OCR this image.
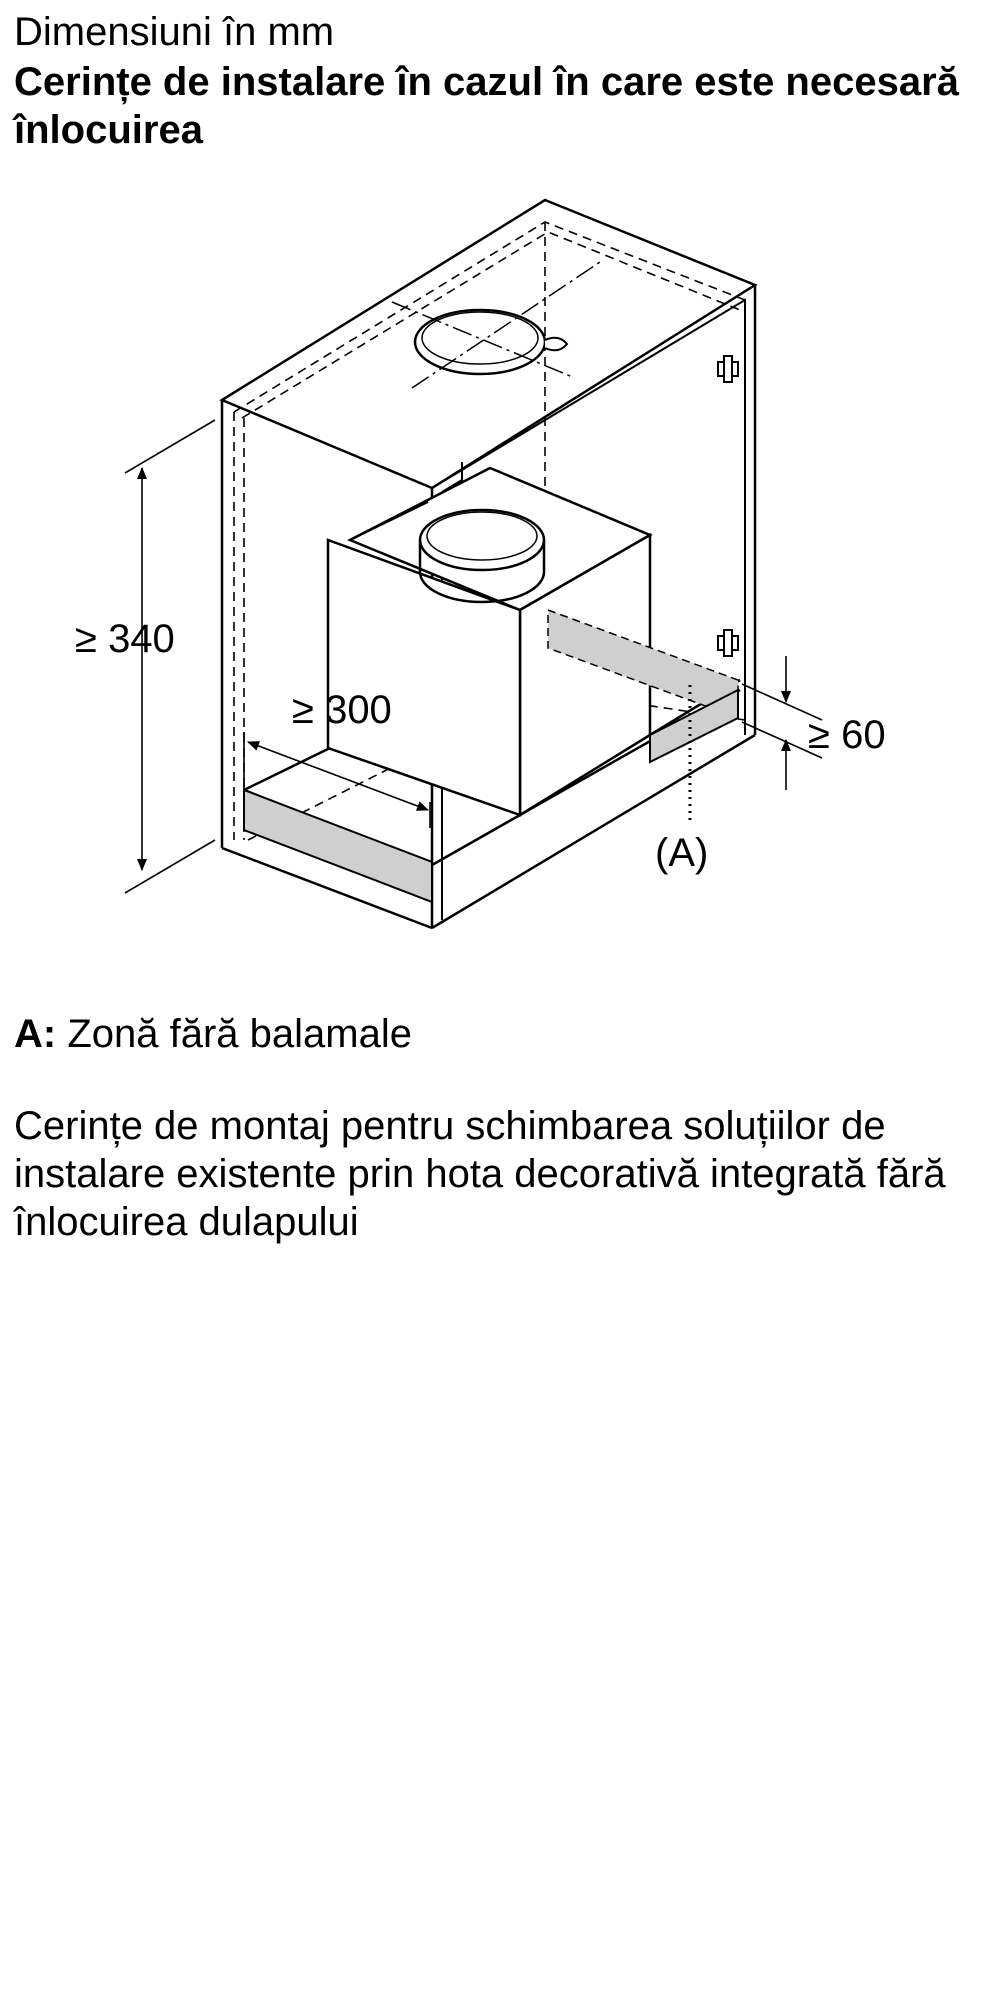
Dimensiuni în mm
Cerințe de instalare în cazul în care este necesară înlocuirea
≥ 340
≥ 300
≥ 60
(A)
A: Zonă fără balamale
Cerințe de montaj pentru schimbarea soluțiilor de instalare existente prin hota decorativă integrată fără înlocuirea dulapului
